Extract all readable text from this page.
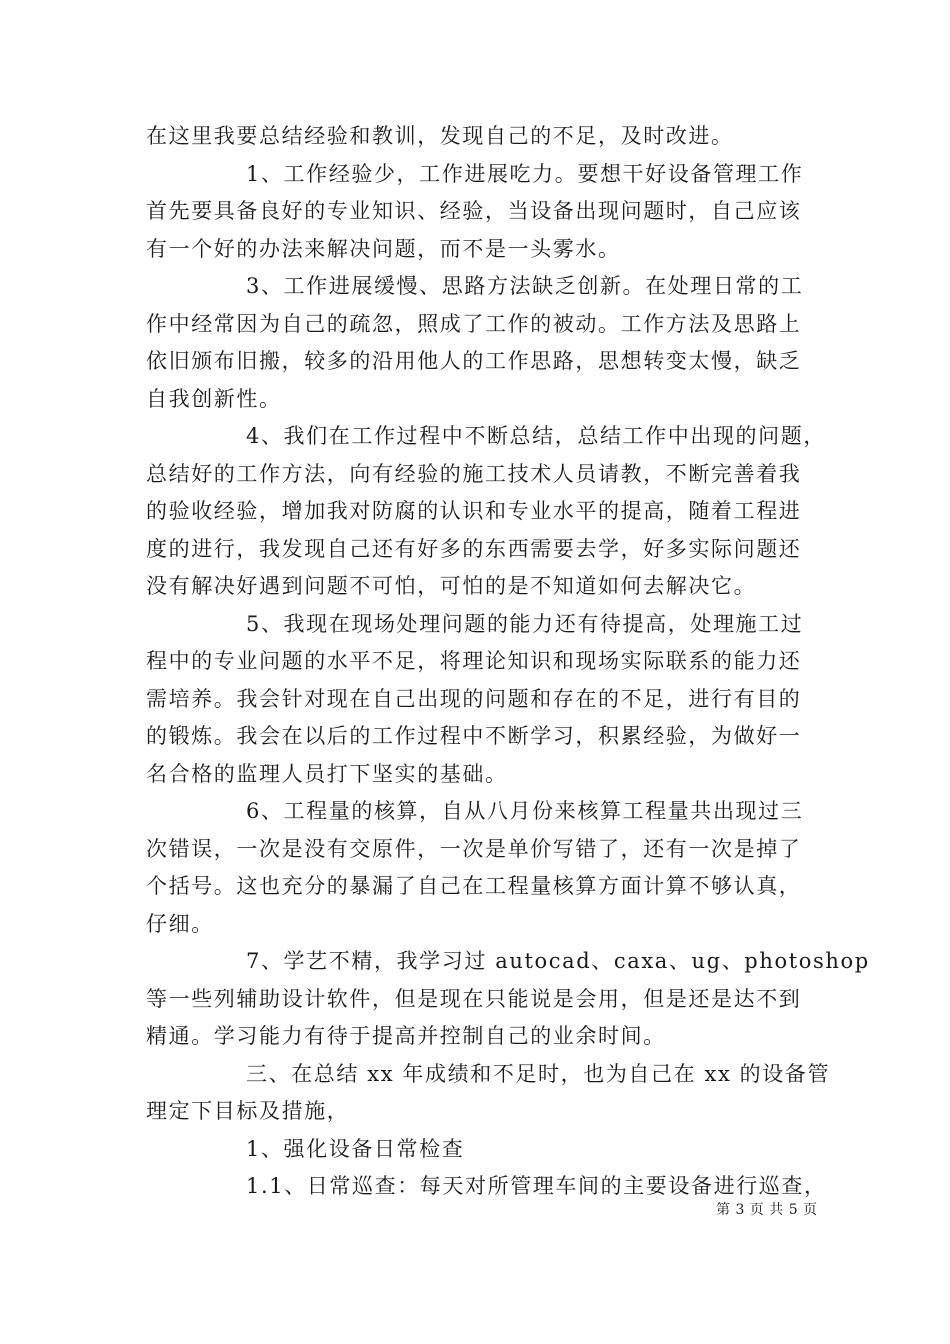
在这里我要总结经验和教训，发现自己的不足，及时改进。
1、工作经验少，工作进展吃力。要想干好设备管理工作
首先要具备良好的专业知识、经验，当设备出现问题时，自己应该
有一个好的办法来解决问题，而不是一头雾水。
3、工作进展缓慢、思路方法缺乏创新。在处理日常的工
作中经常因为自己的疏忽，照成了工作的被动。工作方法及思路上
依旧颁布旧搬，较多的沿用他人的工作思路，思想转变太慢，缺乏
自我创新性。
4、我们在工作过程中不断总结，总结工作中出现的问题，
总结好的工作方法，向有经验的施工技术人员请教，不断完善着我
的验收经验，增加我对防腐的认识和专业水平的提高，随着工程进
度的进行，我发现自己还有好多的东西需要去学，好多实际问题还
没有解决好遇到问题不可怕，可怕的是不知道如何去解决它。
5、我现在现场处理问题的能力还有待提高，处理施工过
程中的专业问题的水平不足，将理论知识和现场实际联系的能力还
需培养。我会针对现在自己出现的问题和存在的不足，进行有目的
的锻炼。我会在以后的工作过程中不断学习，积累经验，为做好一
名合格的监理人员打下坚实的基础。
6、工程量的核算，自从八月份来核算工程量共出现过三
次错误，一次是没有交原件，一次是单价写错了，还有一次是掉了
个括号。这也充分的暴漏了自己在工程量核算方面计算不够认真，
仔细。
7、学艺不精，我学习过 autocad、caxa、ug、photoshop
等一些列辅助设计软件，但是现在只能说是会用，但是还是达不到
精通。学习能力有待于提高并控制自己的业余时间。
三、在总结 xx 年成绩和不足时，也为自己在 xx 的设备管
理定下目标及措施，
1、强化设备日常检查
1.1、日常巡查：每天对所管理车间的主要设备进行巡查，
第 3 页 共 5 页
